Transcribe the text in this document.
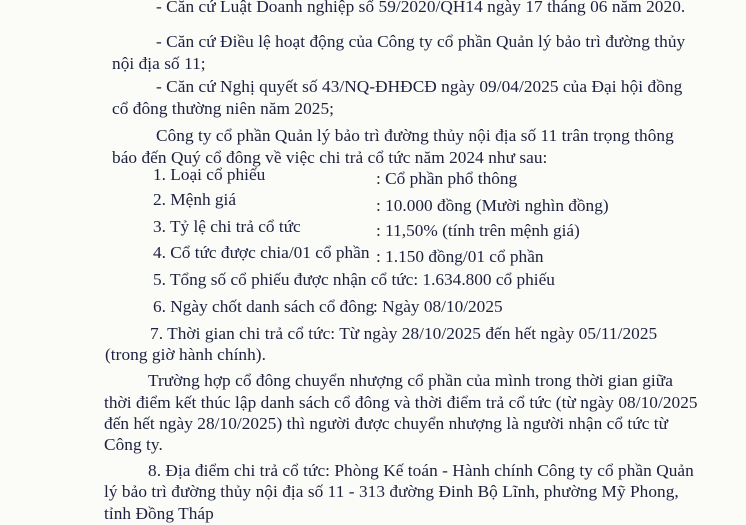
- Căn cứ Luật Doanh nghiệp số 59/2020/QH14 ngày 17 tháng 06 năm 2020.
- Căn cứ Điều lệ hoạt động của Công ty cổ phần Quản lý bảo trì đường thủy
nội địa số 11;
- Căn cứ Nghị quyết số 43/NQ-ĐHĐCĐ ngày 09/04/2025 của Đại hội đồng
cổ đông thường niên năm 2025;
Công ty cổ phần Quản lý bảo trì đường thủy nội địa số 11 trân trọng thông
báo đến Quý cổ đông về việc chi trả cổ tức năm 2024 như sau:
1. Loại cổ phiếu	: Cổ phần phổ thông
2. Mệnh giá	: 10.000 đồng (Mười nghìn đồng)
3. Tỷ lệ chi trả cổ tức	: 11,50% (tính trên mệnh giá)
4. Cổ tức được chia/01 cổ phần : 1.150 đồng/01 cổ phần
5. Tổng số cổ phiếu được nhận cổ tức: 1.634.800 cổ phiếu
6. Ngày chốt danh sách cổ đông
: Ngày 08/10/2025
7. Thời gian chi trả cổ tức: Từ ngày 28/10/2025 đến hết ngày 05/11/2025
(trong giờ hành chính).
Trường hợp cổ đông chuyển nhượng cổ phần của mình trong thời gian giữa
thời điểm kết thúc lập danh sách cổ đông và thời điểm trả cổ tức (từ ngày 08/10/2025
đến hết ngày 28/10/2025) thì người được chuyển nhượng là người nhận cổ tức từ
Công ty.
8. Địa điểm chi trả cổ tức: Phòng Kế toán - Hành chính Công ty cổ phần Quản
lý bảo trì đường thủy nội địa số 11 - 313 đường Đinh Bộ Lĩnh, phường Mỹ Phong,
tỉnh Đồng Tháp
